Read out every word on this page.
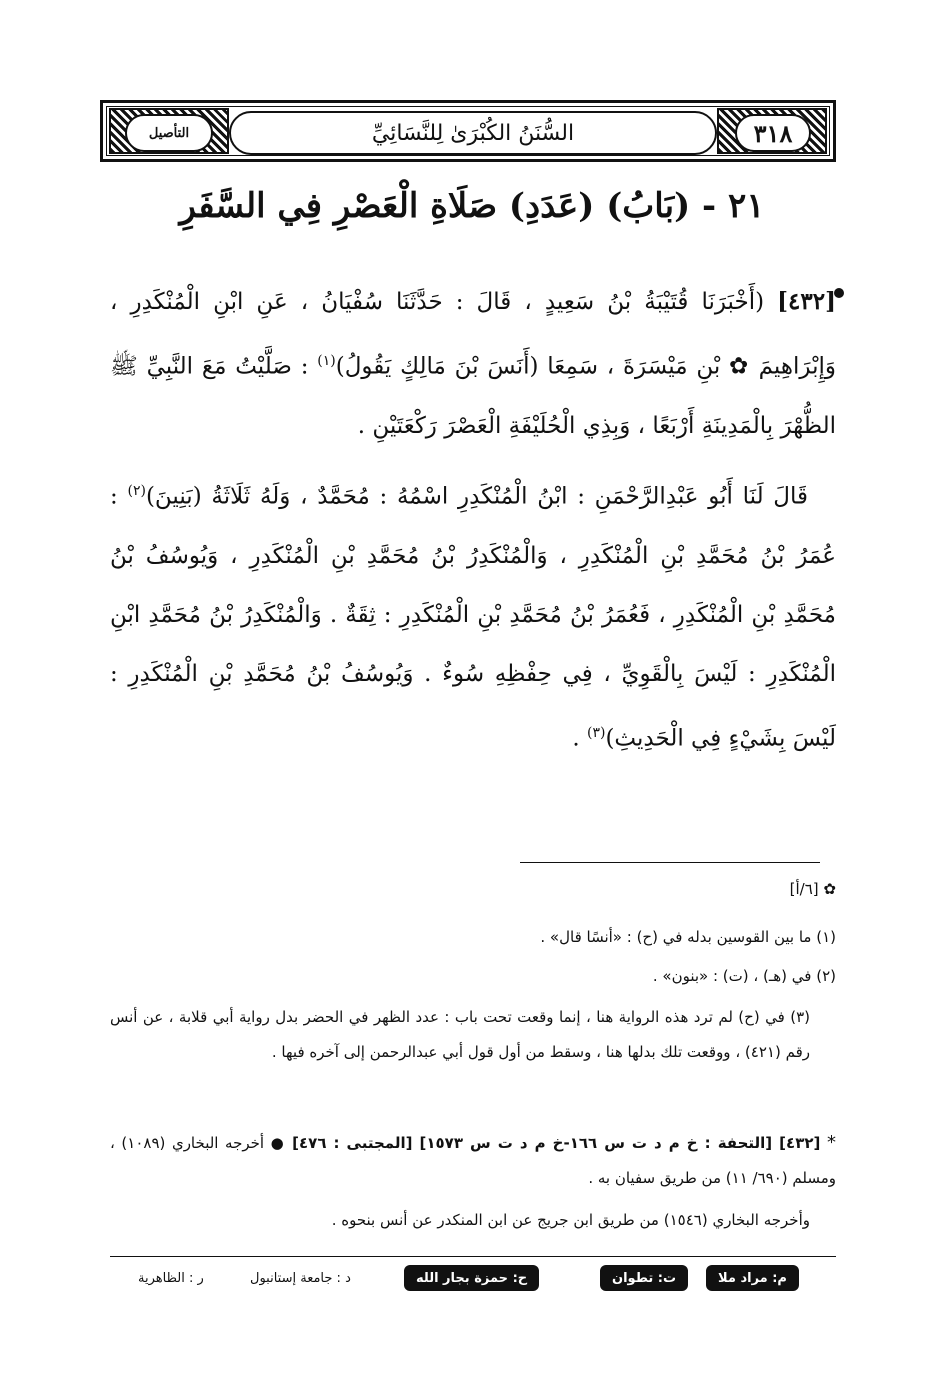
التأصيل	السُّنَنُ الكُبْرَىٰ لِلنَّسَائِيِّ	٣١٨
٢١ - (بَابُ) (عَدَدِ) صَلَاةِ الْعَصْرِ فِي السَّفَرِ
[٤٣٢] (أَخْبَرَنَا قُتَيْبَةُ بْنُ سَعِيدٍ ، قَالَ : حَدَّثَنَا سُفْيَانُ ، عَنِ ابْنِ الْمُنْكَدِرِ ، وَإِبْرَاهِيمَ ✿ بْنِ مَيْسَرَةَ ، سَمِعَا (أَنَسَ بْنَ مَالِكٍ يَقُولُ)$^{(١)}$ : صَلَّيْتُ مَعَ النَّبِيِّ ﷺ الظُّهْرَ بِالْمَدِينَةِ أَرْبَعًا ، وَبِذِي الْحُلَيْفَةِ الْعَصْرَ رَكْعَتَيْنِ .
قَالَ لَنَا أَبُو عَبْدِالرَّحْمَنِ : ابْنُ الْمُنْكَدِرِ اسْمُهُ : مُحَمَّدٌ ، وَلَهُ ثَلَاثَةُ (بَنِينَ)$^{(٢)}$ : عُمَرُ بْنُ مُحَمَّدِ بْنِ الْمُنْكَدِرِ ، وَالْمُنْكَدِرُ بْنُ مُحَمَّدِ بْنِ الْمُنْكَدِرِ ، وَيُوسُفُ بْنُ مُحَمَّدِ بْنِ الْمُنْكَدِرِ ، فَعُمَرُ بْنُ مُحَمَّدِ بْنِ الْمُنْكَدِرِ : ثِقَةٌ . وَالْمُنْكَدِرُ بْنُ مُحَمَّدِ ابْنِ الْمُنْكَدِرِ : لَيْسَ بِالْقَوِيِّ ، فِي حِفْظِهِ سُوءٌ . وَيُوسُفُ بْنُ مُحَمَّدِ بْنِ الْمُنْكَدِرِ : لَيْسَ بِشَيْءٍ فِي الْحَدِيثِ)$^{(٣)}$ .
✿ [٦/أ]
(١) ما بين القوسين بدله في (ح) : «أنسًا قال» .
(٢) في (هـ) ، (ت) : «بنون» .
(٣) في (ح) لم ترد هذه الرواية هنا ، إنما وقعت تحت باب : عدد الظهر في الحضر بدل رواية أبي قلابة ، عن أنس رقم (٤٢١) ، ووقعت تلك بدلها هنا ، وسقط من أول قول أبي عبدالرحمن إلى آخره فيها .
* [٤٣٢] [التحفة : خ م د ت س ١٦٦-خ م د ت س ١٥٧٣] [المجتبى : ٤٧٦] ● أخرجه البخاري (١٠٨٩) ، ومسلم (٦٩٠/ ١١) من طريق سفيان به .
وأخرجه البخاري (١٥٤٦) من طريق ابن جريج عن ابن المنكدر عن أنس بنحوه .
م: مراد ملا
ت: تطوان
ح: حمزة بجار الله
د : جامعة إستانبول
ر : الظاهرية
